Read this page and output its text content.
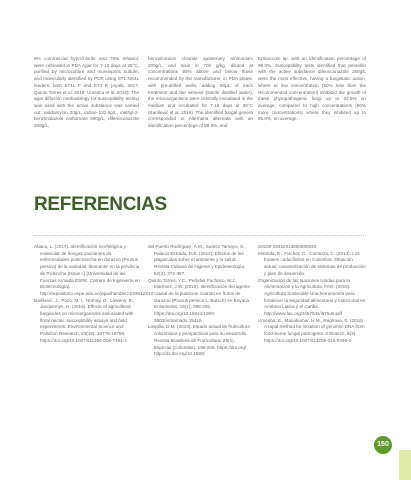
5% commercial hypochlorite and 70% ethanol, were cultivated in PDA Agar for 7-10 days at 28°C, purified by microculture and monosporic culture, and molecularly identified by PCR using ST1 NS4L leaders, both ST1L F and ST4 R (Ayala, 2017; Quinto Torres et al. 2019; Umesha et al. 2016). The agar diffusion methodology for susceptibility testing was used with the active substance was carried out: validamycin 30g/L, iodine 132.6g/L, methyl-2-benzimidazole carbamate 500g/L, difenoconazole 250g/L,

benzalconium chloride quaternary ammonium 200g/L, and nisin in 700 g/kg, diluted at concentrations 50% above and below those recommended by the manufacturer, in PDA plates, with pre-drilled wells, adding 80µL of each treatment and the witness (sterile distilled water), the microorganisms were centrally inoculated in the medium and incubated for 7-15 days at 20°C (Barišević et al. 2016). The identified fungal genera corresponded to Alternaria alternata with an identification percentage of 99.5%, and

Epicoccum sp. with an identification percentage of 99.0%. Susceptibility tests identified that penicillin with the active substance difenoconazole 250g/L were the most effective, having a fungistatic action, where at low concentration (50% less than the recommended concentration) inhibited the growth of these phytopathogenic fungi up to 62.5% on average, compared to high concentrations (50% more concentrations) where they inhibited up to 65.0%, on average.

REFERENCIAS

Abaca, L. (2017). Identificación morfológica y molecular de hongos causantes de enfermedades postcosecha en durazno (Prunus persica) de la variedad 'diamante' en la provincia de Pichincha (Issue c) [Universidad de las Fuerzas Armada ESPE. Carrera de Ingeniería en Biotecnología]. http://repositorio.espe.edu.ec/jspui/handle/21000/12910

Barišević, J., Pozo, M. I., Hornay, O., Lievens, B., Jacquemyn, H. (2016). Effects of agricultural fungicides on microorganisms associated with floral nectar: susceptibility assays and field experiments. Environmental Science and Pollution Research, 23(19), 19776-19786. https://doi.org/10.1007/s11356-016-7181-4

del Puerto Rodríguez, A.M., Suárez Tamayo, S., Palacio Estrada, D.E. (2014). Efectos de los plaguicidas sobre el ambiente y la salud. Revista Cubana de Higiene y Epidemiología, 52(3), 372-387.

Quinto Torres, Y.C., Peñafiel Pacheco, M.J., Martínez, J.W. (2019). Identificación del agente causal de la pudrición cuando en frutos de durazno (Prunus persica L. Batsch) en Boyacá. Ensamento, 15(1), 298-305. https://doi.org/10.18041/1900-3803/entramado.15418

Laspilla, D.M. (2013). Estado actual de fruticultura colombiana y perspectivas para su desarrollo. Revista Brasileira de Fruticultura, 25(1). Especial (Colombia), 199-205. https://doi.org/ http://dx.doi.org/10.1590/

S0100-29452013000500023

Miranda, D., Fischer, G., Carranza, C. (2013). Los frutales caducifolios en Colombia: Situación actual, caracterización de sistemas de producción y plan de desarrollo.

Organización de las Naciones Unidas para la Alimentación y la Agricultura, FAO. (2016). Agricultura Sostenible Una herramienta para fortalecer la seguridad alimentaria y nutricional en América Latina y el Caribe. http://www.fao.org/3/i5754s/i5754s.pdf

Umesha, S., Manukumar, H.M., Raghava, S. (2016). A rapid method for isolation of genomic DNA from food-borne fungal pathogens. 3 Biotech, 6(2). https://doi.org/10.1007/s13205-016-0436-4

150
